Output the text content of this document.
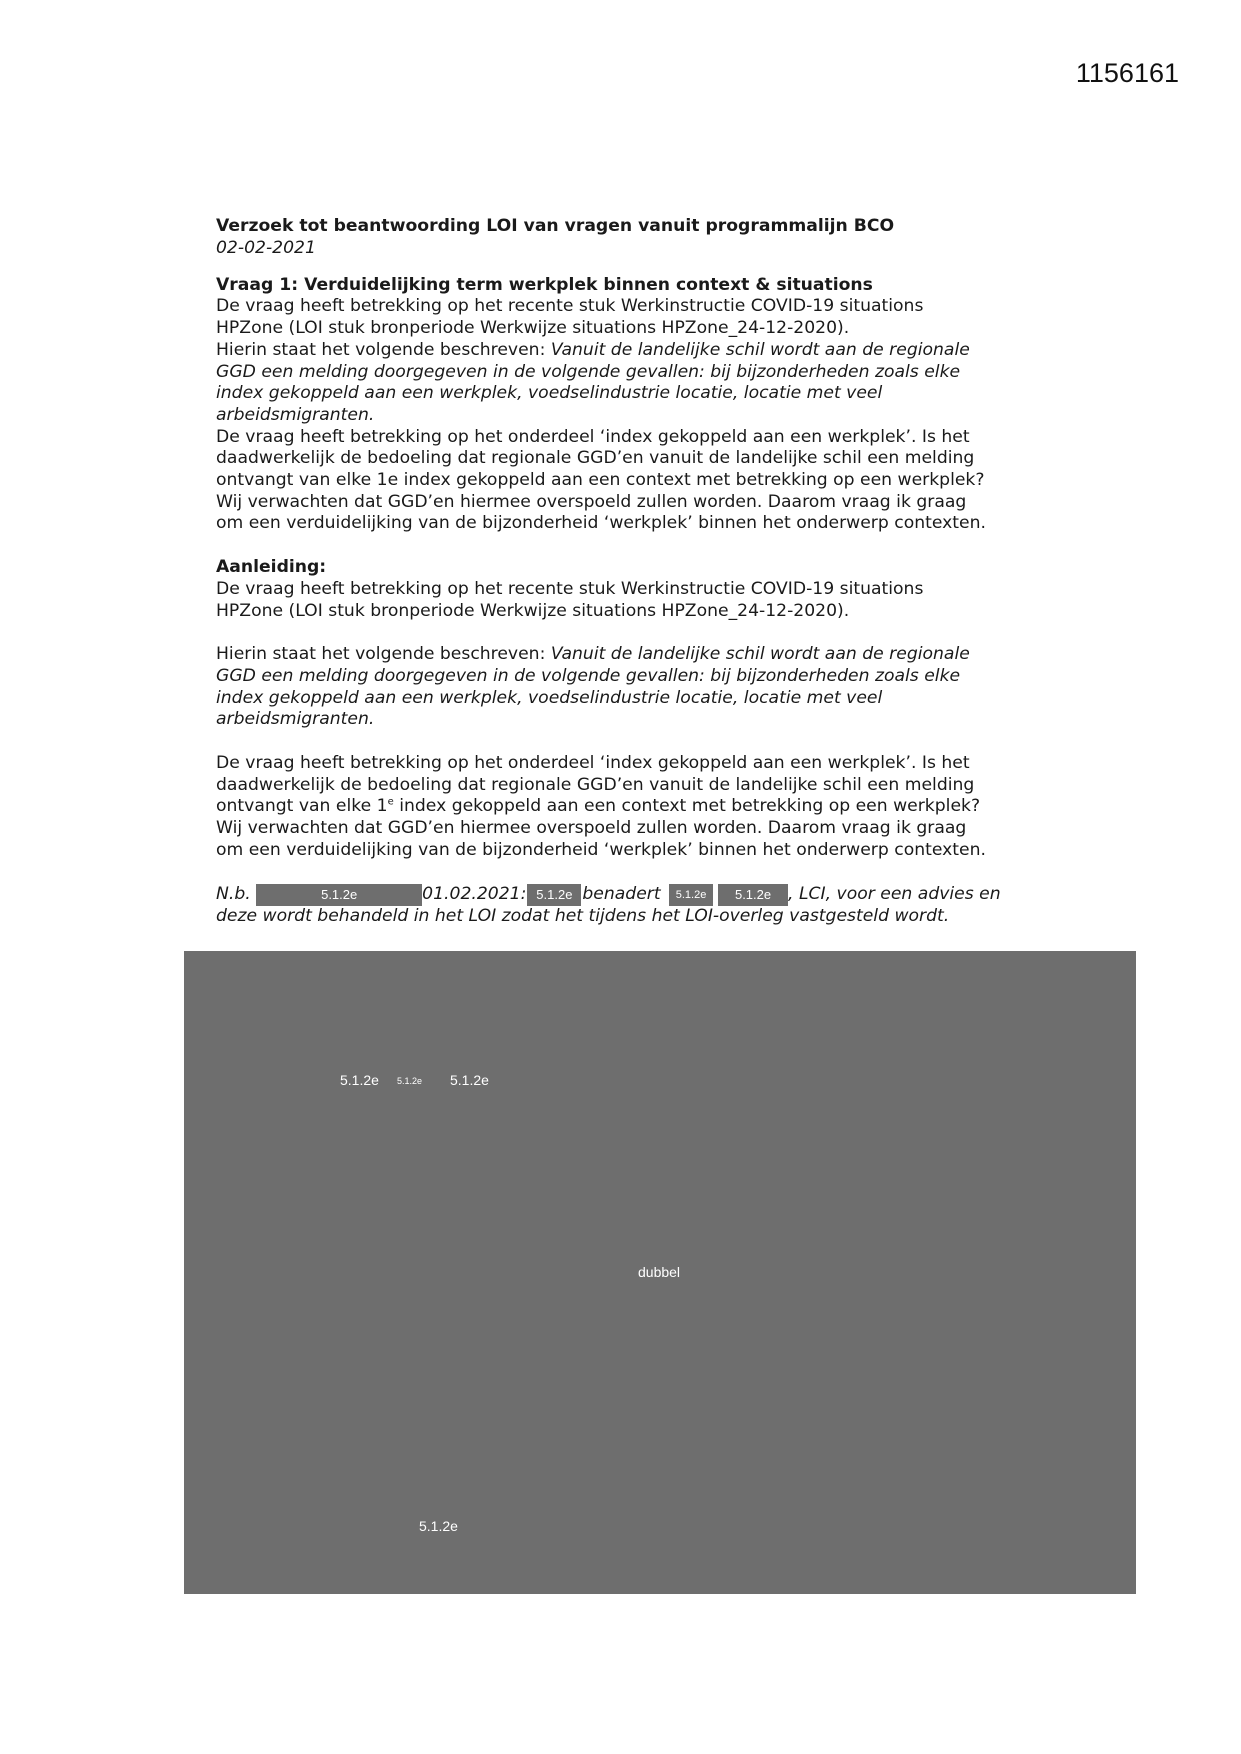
1156161

Verzoek tot beantwoording LOI van vragen vanuit programmalijn BCO

02-02-2021

Vraag 1: Verduidelijking term werkplek binnen context & situations

De vraag heeft betrekking op het recente stuk Werkinstructie COVID-19 situations

HPZone (LOI stuk bronperiode Werkwijze situations HPZone_24-12-2020).

Hierin staat het volgende beschreven: Vanuit de landelijke schil wordt aan de regionale

GGD een melding doorgegeven in de volgende gevallen: bij bijzonderheden zoals elke

index gekoppeld aan een werkplek, voedselindustrie locatie, locatie met veel

arbeidsmigranten.

De vraag heeft betrekking op het onderdeel ‘index gekoppeld aan een werkplek’. Is het

daadwerkelijk de bedoeling dat regionale GGD’en vanuit de landelijke schil een melding

ontvangt van elke 1e index gekoppeld aan een context met betrekking op een werkplek?

Wij verwachten dat GGD’en hiermee overspoeld zullen worden. Daarom vraag ik graag

om een verduidelijking van de bijzonderheid ‘werkplek’ binnen het onderwerp contexten.

Aanleiding:

De vraag heeft betrekking op het recente stuk Werkinstructie COVID-19 situations

HPZone (LOI stuk bronperiode Werkwijze situations HPZone_24-12-2020).

Hierin staat het volgende beschreven: Vanuit de landelijke schil wordt aan de regionale

GGD een melding doorgegeven in de volgende gevallen: bij bijzonderheden zoals elke

index gekoppeld aan een werkplek, voedselindustrie locatie, locatie met veel

arbeidsmigranten.

De vraag heeft betrekking op het onderdeel ‘index gekoppeld aan een werkplek’. Is het

daadwerkelijk de bedoeling dat regionale GGD’en vanuit de landelijke schil een melding

ontvangt van elke 1e index gekoppeld aan een context met betrekking op een werkplek?

Wij verwachten dat GGD’en hiermee overspoeld zullen worden. Daarom vraag ik graag

om een verduidelijking van de bijzonderheid ‘werkplek’ binnen het onderwerp contexten.

N.b.	5.1.2e	01.02.2021: 5.1.2e benadert 5.1.2e 5.1.2e , LCI, voor een advies en

deze wordt behandeld in het LOI zodat het tijdens het LOI-overleg vastgesteld wordt.

5.1.2e 5.1.2e 5.1.2e
dubbel
5.1.2e
